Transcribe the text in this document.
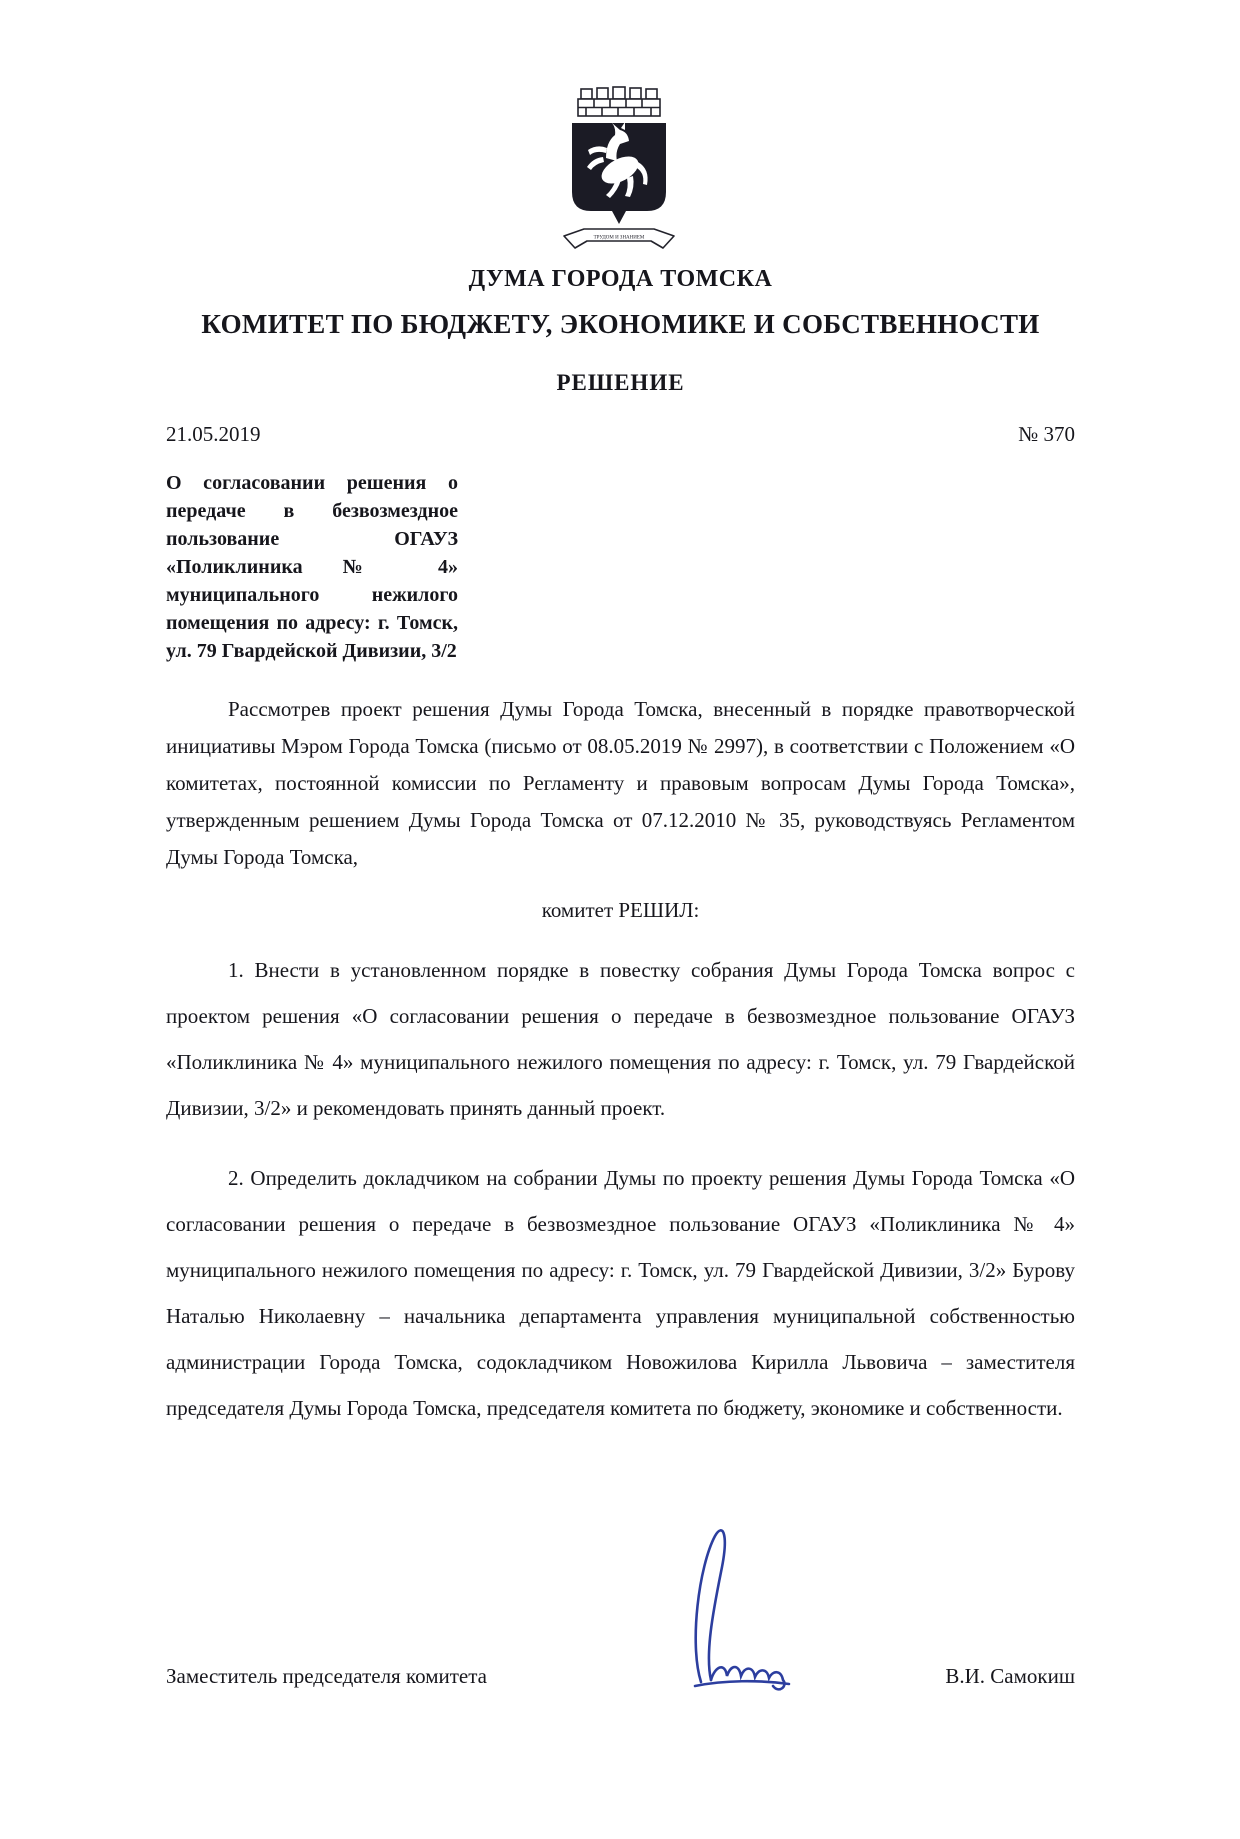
ТРУДОМ И ЗНАНИЕМ
ДУМА ГОРОДА ТОМСКА
КОМИТЕТ ПО БЮДЖЕТУ, ЭКОНОМИКЕ И СОБСТВЕННОСТИ
РЕШЕНИЕ
21.05.2019	№ 370
О согласовании решения о передаче в безвозмездное пользование ОГАУЗ «Поликлиника № 4» муниципального нежилого помещения по адресу: г. Томск, ул. 79 Гвардейской Дивизии, 3/2
Рассмотрев проект решения Думы Города Томска, внесенный в порядке правотворческой инициативы Мэром Города Томска (письмо от 08.05.2019 № 2997), в соответствии с Положением «О комитетах, постоянной комиссии по Регламенту и правовым вопросам Думы Города Томска», утвержденным решением Думы Города Томска от 07.12.2010 № 35, руководствуясь Регламентом Думы Города Томска,
комитет РЕШИЛ:
1. Внести в установленном порядке в повестку собрания Думы Города Томска вопрос с проектом решения «О согласовании решения о передаче в безвозмездное пользование ОГАУЗ «Поликлиника № 4» муниципального нежилого помещения по адресу: г. Томск, ул. 79 Гвардейской Дивизии, 3/2» и рекомендовать принять данный проект.
2. Определить докладчиком на собрании Думы по проекту решения Думы Города Томска «О согласовании решения о передаче в безвозмездное пользование ОГАУЗ «Поликлиника № 4» муниципального нежилого помещения по адресу: г. Томск, ул. 79 Гвардейской Дивизии, 3/2» Бурову Наталью Николаевну – начальника департамента управления муниципальной собственностью администрации Города Томска, содокладчиком Новожилова Кирилла Львовича – заместителя председателя Думы Города Томска, председателя комитета по бюджету, экономике и собственности.
Заместитель председателя комитета	В.И. Самокиш
